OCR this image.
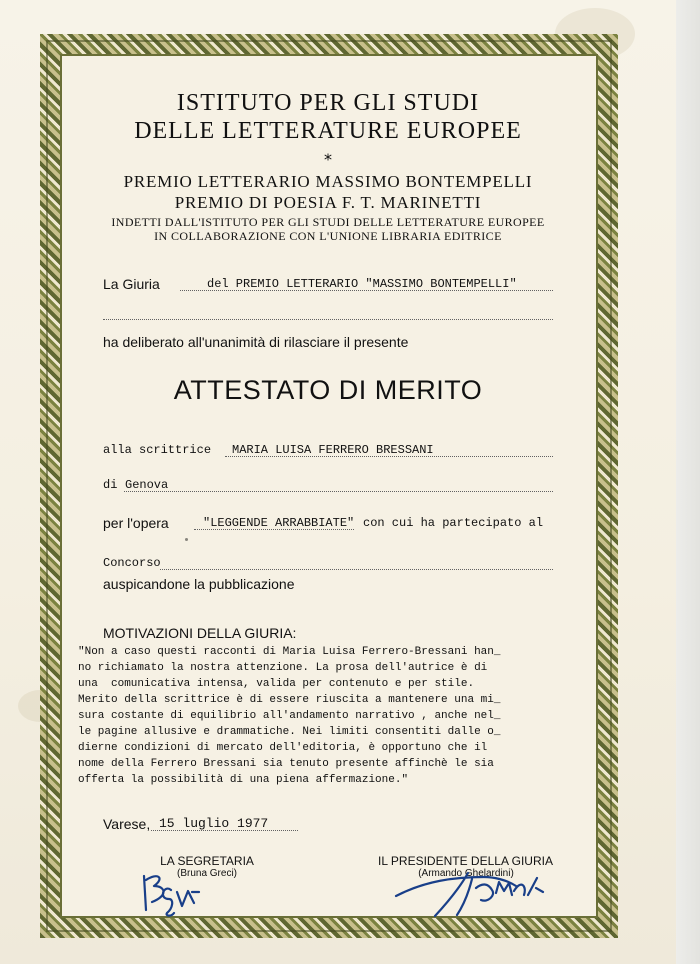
ISTITUTO PER GLI STUDI
DELLE LETTERATURE EUROPEE
⁎
PREMIO LETTERARIO MASSIMO BONTEMPELLI
PREMIO DI POESIA F. T. MARINETTI
INDETTI DALL'ISTITUTO PER GLI STUDI DELLE LETTERATURE EUROPEE
IN COLLABORAZIONE CON L'UNIONE LIBRARIA EDITRICE
La Giuria	del PREMIO LETTERARIO "MASSIMO BONTEMPELLI"
ha deliberato all'unanimità di rilasciare il presente
ATTESTATO DI MERITO
alla scrittrice MARIA LUISA FERRERO BRESSANI
di Genova
per l'opera	"LEGGENDE ARRABBIATE" con cui ha partecipato al
Concorso
auspicandone la pubblicazione
MOTIVAZIONI DELLA GIURIA:
"Non a caso questi racconti di Maria Luisa Ferrero-Bressani han_
no richiamato la nostra attenzione. La prosa dell'autrice è di
una  comunicativa intensa, valida per contenuto e per stile.
Merito della scrittrice è di essere riuscita a mantenere una mi_
sura costante di equilibrio all'andamento narrativo , anche nel_
le pagine allusive e drammatiche. Nei limiti consentiti dalle o_
dierne condizioni di mercato dell'editoria, è opportuno che il
nome della Ferrero Bressani sia tenuto presente affinchè le sia
offerta la possibilità di una piena affermazione."
Varese, 15 luglio 1977
LA SEGRETARIA
(Bruna Greci)
IL PRESIDENTE DELLA GIURIA
(Armando Ghelardini)
